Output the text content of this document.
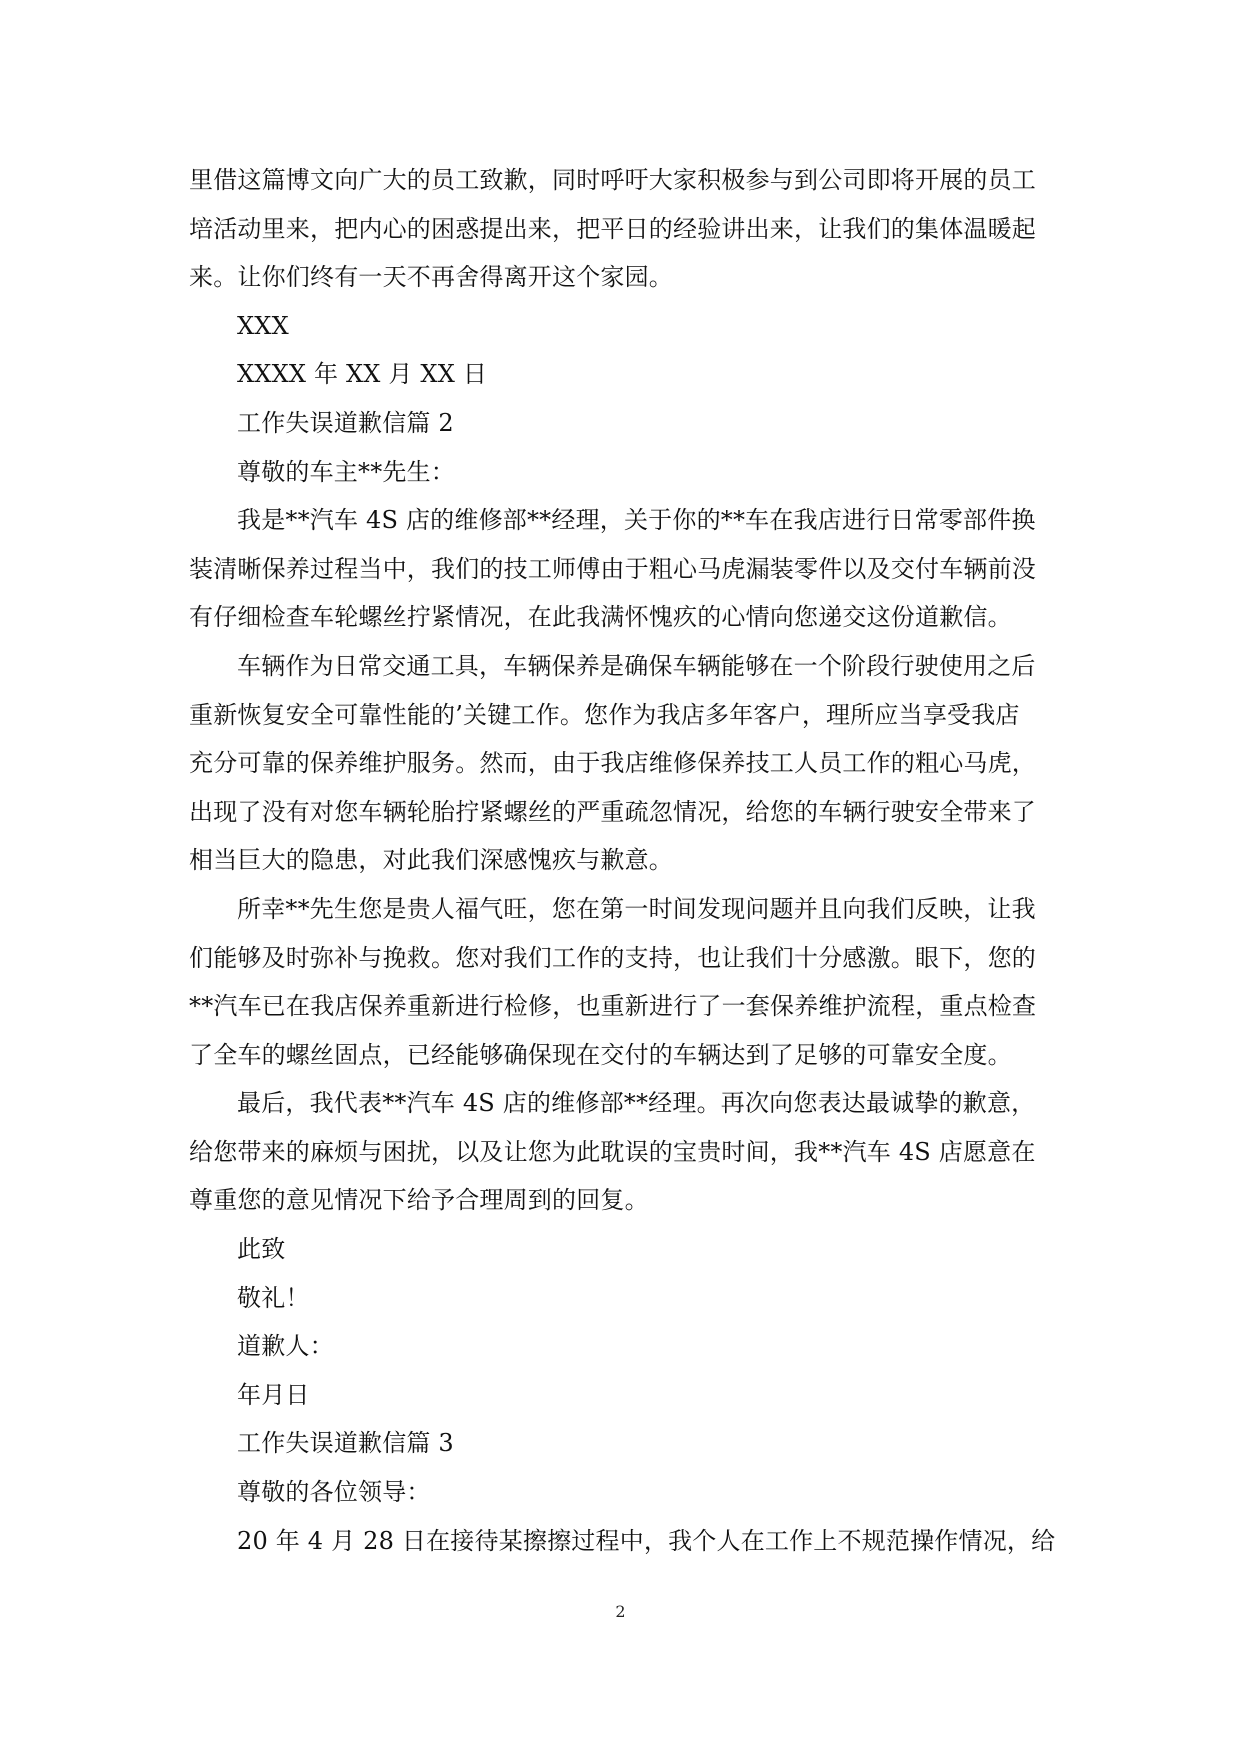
里借这篇博文向广大的员工致歉，同时呼吁大家积极参与到公司即将开展的员工
培活动里来，把内心的困惑提出来，把平日的经验讲出来，让我们的集体温暖起
来。让你们终有一天不再舍得离开这个家园。
XXX
XXXX 年 XX 月 XX 日
工作失误道歉信篇 2
尊敬的车主**先生：
我是**汽车 4S 店的维修部**经理，关于你的**车在我店进行日常零部件换
装清晰保养过程当中，我们的技工师傅由于粗心马虎漏装零件以及交付车辆前没
有仔细检查车轮螺丝拧紧情况，在此我满怀愧疚的心情向您递交这份道歉信。
车辆作为日常交通工具，车辆保养是确保车辆能够在一个阶段行驶使用之后
重新恢复安全可靠性能的’关键工作。您作为我店多年客户，理所应当享受我店
充分可靠的保养维护服务。然而，由于我店维修保养技工人员工作的粗心马虎，
出现了没有对您车辆轮胎拧紧螺丝的严重疏忽情况，给您的车辆行驶安全带来了
相当巨大的隐患，对此我们深感愧疚与歉意。
所幸**先生您是贵人福气旺，您在第一时间发现问题并且向我们反映，让我
们能够及时弥补与挽救。您对我们工作的支持，也让我们十分感激。眼下，您的
**汽车已在我店保养重新进行检修，也重新进行了一套保养维护流程，重点检查
了全车的螺丝固点，已经能够确保现在交付的车辆达到了足够的可靠安全度。
最后，我代表**汽车 4S 店的维修部**经理。再次向您表达最诚挚的歉意，
给您带来的麻烦与困扰，以及让您为此耽误的宝贵时间，我**汽车 4S 店愿意在
尊重您的意见情况下给予合理周到的回复。
此致
敬礼！
道歉人：
年月日
工作失误道歉信篇 3
尊敬的各位领导：
20 年 4 月 28 日在接待某擦擦过程中，我个人在工作上不规范操作情况，给
2
